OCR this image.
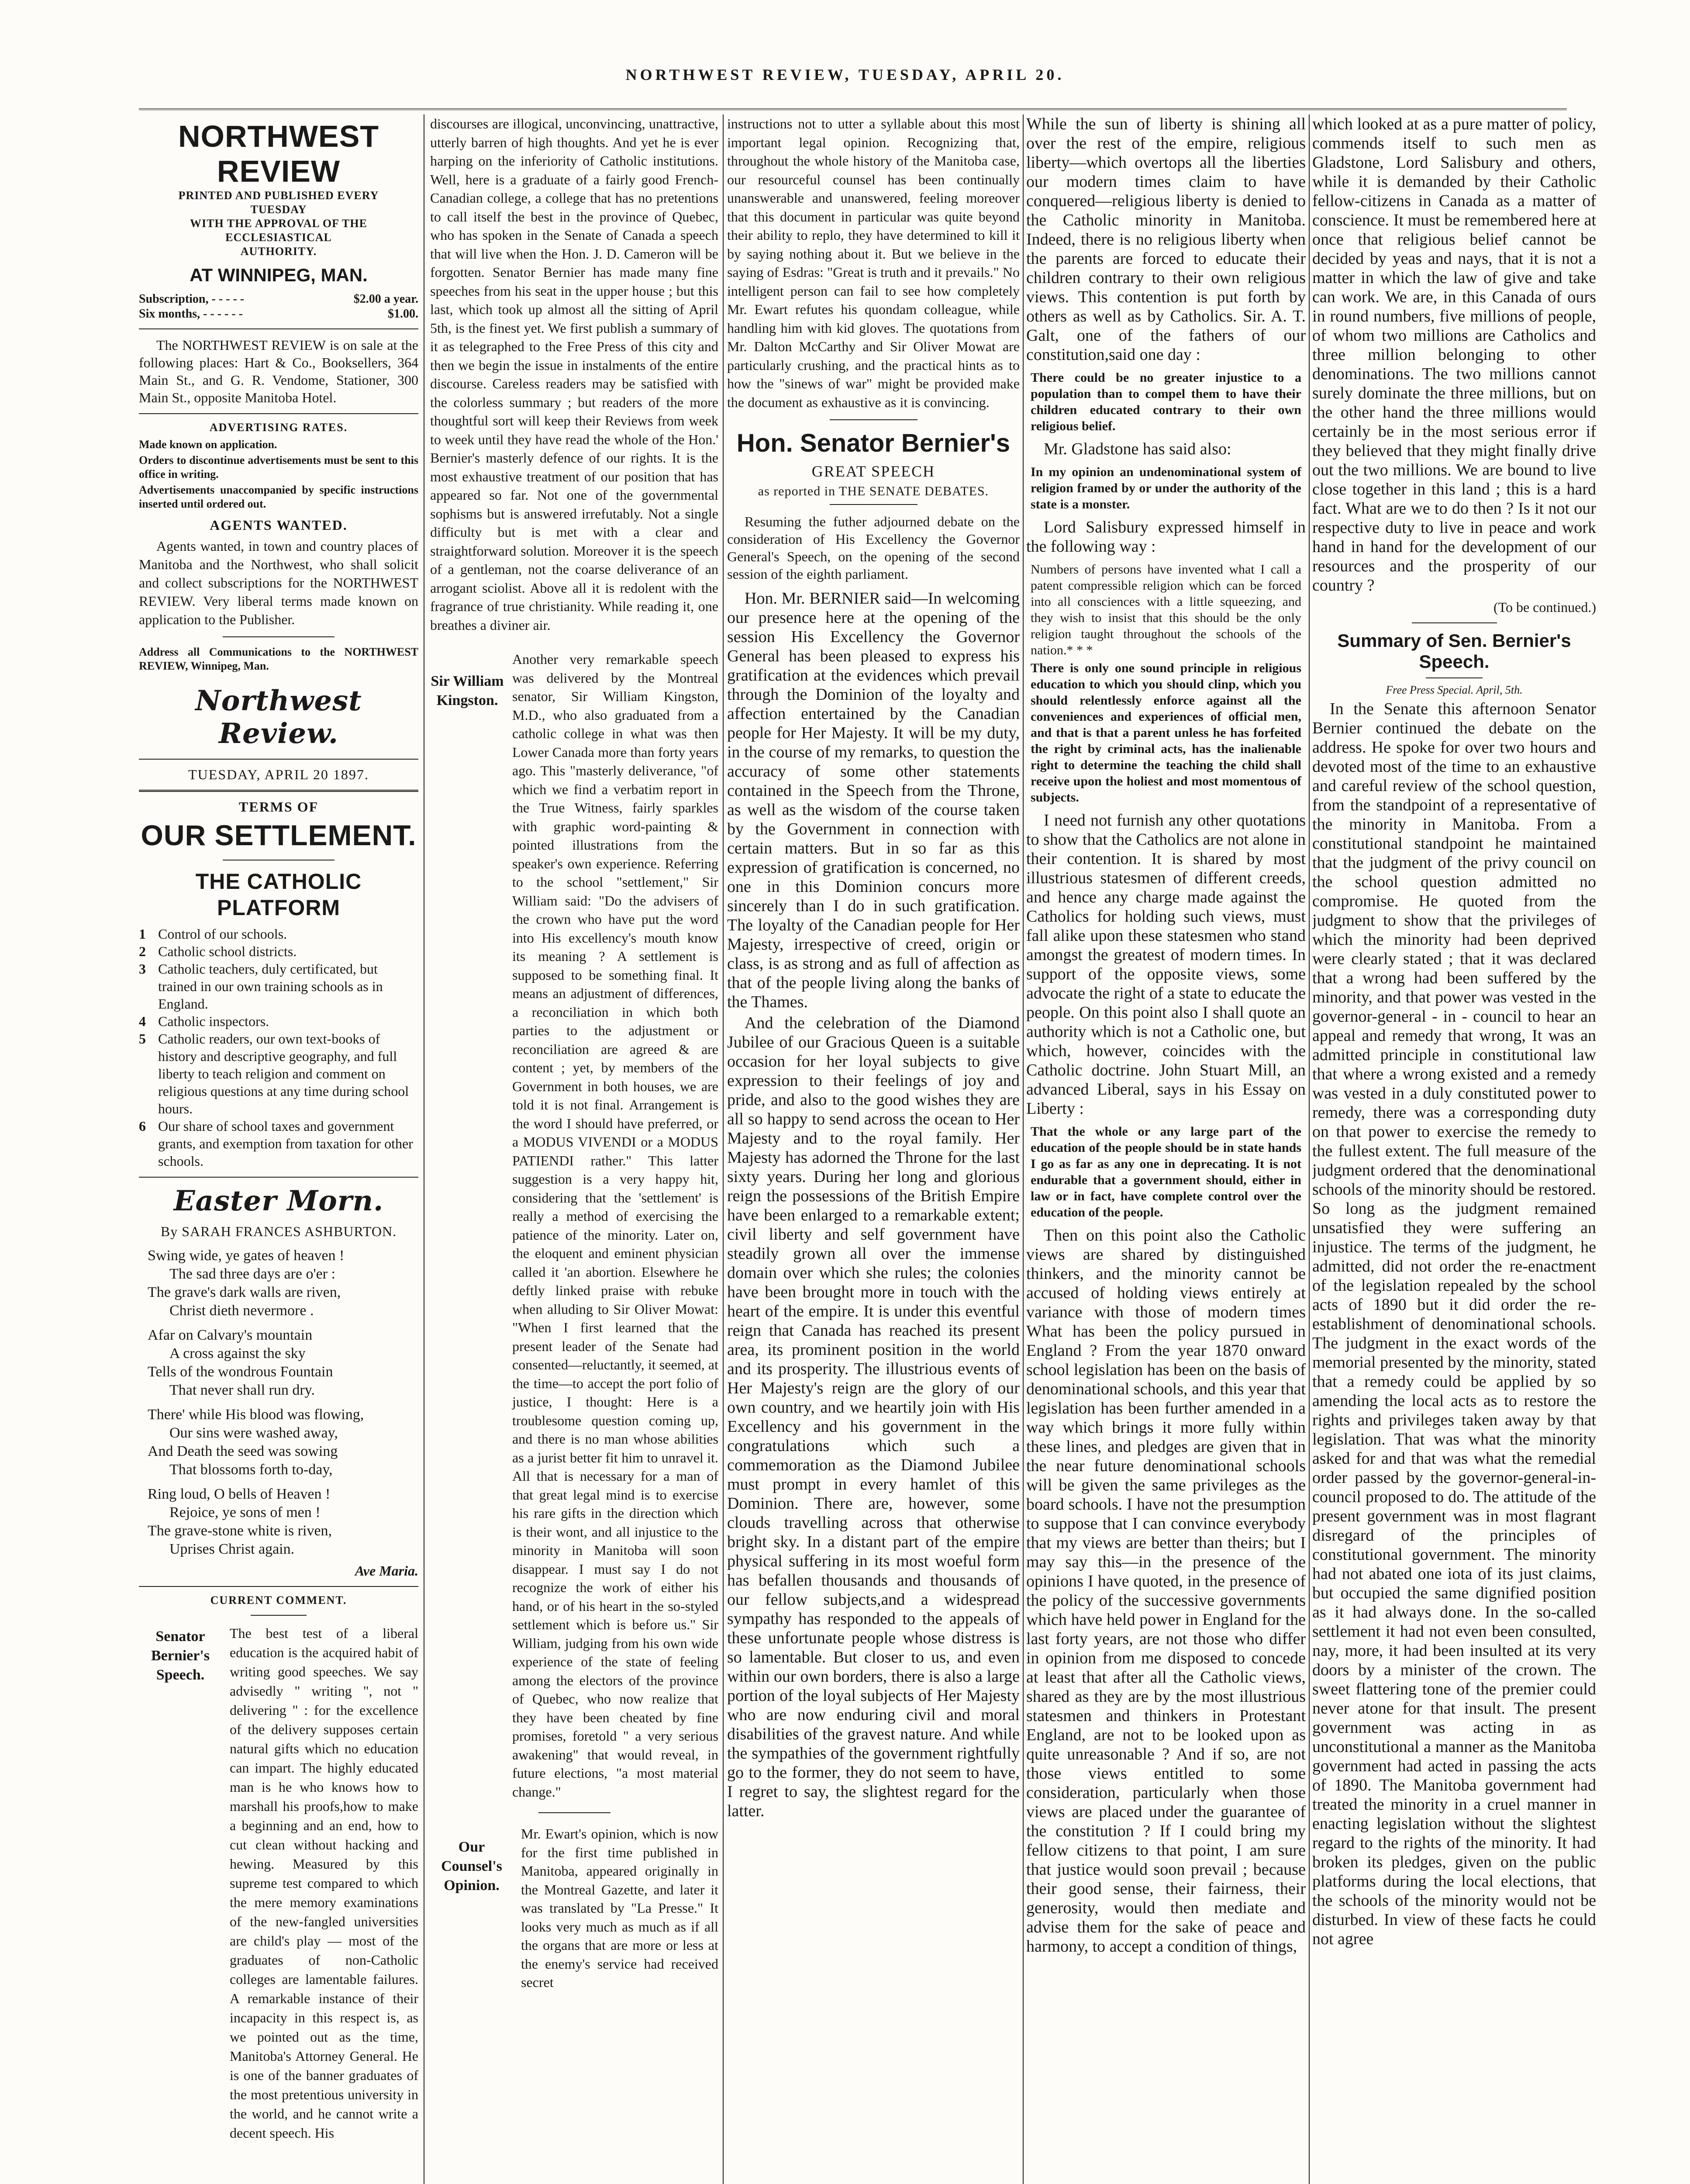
NORTHWEST REVIEW, TUESDAY, APRIL 20.
NORTHWEST REVIEW
PRINTED AND PUBLISHED EVERY
TUESDAY
WITH THE APPROVAL OF THE ECCLESIASTICAL
AUTHORITY.
AT WINNIPEG, MAN.
Subscription, - - - - -	$2.00 a year.
Six months, - - - - - -	$1.00.

The NORTHWEST REVIEW is on sale at the following places: Hart & Co., Booksellers, 364 Main St., and G. R. Vendome, Stationer, 300 Main St., opposite Manitoba Hotel.

ADVERTISING RATES.

Made known on application.

Orders to discontinue advertisements must be sent to this office in writing.

Advertisements unaccompanied by specific instructions inserted until ordered out.

AGENTS WANTED.

Agents wanted, in town and country places of Manitoba and the Northwest, who shall solicit and collect subscriptions for the NORTHWEST REVIEW. Very liberal terms made known on application to the Publisher.

Address all Communications to the NORTHWEST REVIEW, Winnipeg, Man.

Northwest Review.
TUESDAY, APRIL 20 1897.
TERMS OF
OUR SETTLEMENT.
THE CATHOLIC PLATFORM
1 Control of our schools.
2 Catholic school districts.
3 Catholic teachers, duly certificated, but trained in our own training schools as in England.
4 Catholic inspectors.
5 Catholic readers, our own text-books of history and descriptive geography, and full liberty to teach religion and comment on religious questions at any time during school hours.
6 Our share of school taxes and government grants, and exemption from taxation for other schools.
Easter Morn.
By SARAH FRANCES ASHBURTON.
Swing wide, ye gates of heaven !
The sad three days are o'er :
The grave's dark walls are riven,
Christ dieth nevermore .
Afar on Calvary's mountain
A cross against the sky
Tells of the wondrous Fountain
That never shall run dry.
There' while His blood was flowing,
Our sins were washed away,
And Death the seed was sowing
That blossoms forth to-day,
Ring loud, O bells of Heaven !
Rejoice, ye sons of men !
The grave-stone white is riven,
Uprises Christ again.
Ave Maria.
CURRENT COMMENT.
Senator Bernier's Speech.

The best test of a liberal education is the acquired habit of writing good speeches. We say advisedly " writing ", not " delivering " : for the excellence of the delivery supposes certain natural gifts which no education can impart. The highly educated man is he who knows how to marshall his proofs,how to make a beginning and an end, how to cut clean without hacking and hewing. Measured by this supreme test compared to which the mere memory examinations of the new-fangled universities are child's play — most of the graduates of non-Catholic colleges are lamentable failures. A remarkable instance of their incapacity in this respect is, as we pointed out as the time, Manitoba's Attorney General. He is one of the banner graduates of the most pretentious university in the world, and he cannot write a decent speech. His

discourses are illogical, unconvincing, unattractive, utterly barren of high thoughts. And yet he is ever harping on the inferiority of Catholic institutions. Well, here is a graduate of a fairly good French-Canadian college, a college that has no pretentions to call itself the best in the province of Quebec, who has spoken in the Senate of Canada a speech that will live when the Hon. J. D. Cameron will be forgotten. Senator Bernier has made many fine speeches from his seat in the upper house ; but this last, which took up almost all the sitting of April 5th, is the finest yet. We first publish a summary of it as telegraphed to the Free Press of this city and then we begin the issue in instalments of the entire discourse. Careless readers may be satisfied with the colorless summary ; but readers of the more thoughtful sort will keep their Reviews from week to week until they have read the whole of the Hon.' Bernier's masterly defence of our rights. It is the most exhaustive treatment of our position that has appeared so far. Not one of the governmental sophisms but is answered irrefutably. Not a single difficulty but is met with a clear and straightforward solution. Moreover it is the speech of a gentleman, not the coarse deliverance of an arrogant sciolist. Above all it is redolent with the fragrance of true christianity. While reading it, one breathes a diviner air.

Sir William Kingston.

Another very remarkable speech was delivered by the Montreal senator, Sir William Kingston, M.D., who also graduated from a catholic college in what was then Lower Canada more than forty years ago. This "masterly deliverance, "of which we find a verbatim report in the True Witness, fairly sparkles with graphic word-painting & pointed illustrations from the speaker's own experience. Referring to the school "settlement," Sir William said: "Do the advisers of the crown who have put the word into His excellency's mouth know its meaning ? A settlement is supposed to be something final. It means an adjustment of differences, a reconciliation in which both parties to the adjustment or reconciliation are agreed & are content ; yet, by members of the Government in both houses, we are told it is not final. Arrangement is the word I should have preferred, or a MODUS VIVENDI or a MODUS PATIENDI rather." This latter suggestion is a very happy hit, considering that the 'settlement' is really a method of exercising the patience of the minority. Later on, the eloquent and eminent physician called it 'an abortion. Elsewhere he deftly linked praise with rebuke when alluding to Sir Oliver Mowat: "When I first learned that the present leader of the Senate had consented—reluctantly, it seemed, at the time—to accept the port folio of justice, I thought: Here is a troublesome question coming up, and there is no man whose abilities as a jurist better fit him to unravel it. All that is necessary for a man of that great legal mind is to exercise his rare gifts in the direction which is their wont, and all injustice to the minority in Manitoba will soon disappear. I must say I do not recognize the work of either his hand, or of his heart in the so-styled settlement which is before us." Sir William, judging from his own wide experience of the state of feeling among the electors of the province of Quebec, who now realize that they have been cheated by fine promises, foretold " a very serious awakening" that would reveal, in future elections, "a most material change."

Our Counsel's Opinion.

Mr. Ewart's opinion, which is now for the first time published in Manitoba, appeared originally in the Montreal Gazette, and later it was translated by "La Presse." It looks very much as much as if all the organs that are more or less at the enemy's service had received secret

instructions not to utter a syllable about this most important legal opinion. Recognizing that, throughout the whole history of the Manitoba case, our resourceful counsel has been continually unanswerable and unanswered, feeling moreover that this document in particular was quite beyond their ability to replo, they have determined to kill it by saying nothing about it. But we believe in the saying of Esdras: "Great is truth and it prevails." No intelligent person can fail to see how completely Mr. Ewart refutes his quondam colleague, while handling him with kid gloves. The quotations from Mr. Dalton McCarthy and Sir Oliver Mowat are particularly crushing, and the practical hints as to how the "sinews of war" might be provided make the document as exhaustive as it is convincing.

Hon. Senator Bernier's
GREAT SPEECH
as reported in THE SENATE DEBATES.

Resuming the futher adjourned debate on the consideration of His Excellency the Governor General's Speech, on the opening of the second session of the eighth parliament.

Hon. Mr. BERNIER said—In welcoming our presence here at the opening of the session His Excellency the Governor General has been pleased to express his gratification at the evidences which prevail through the Dominion of the loyalty and affection entertained by the Canadian people for Her Majesty. It will be my duty, in the course of my remarks, to question the accuracy of some other statements contained in the Speech from the Throne, as well as the wisdom of the course taken by the Government in connection with certain matters. But in so far as this expression of gratification is concerned, no one in this Dominion concurs more sincerely than I do in such gratification. The loyalty of the Canadian people for Her Majesty, irrespective of creed, origin or class, is as strong and as full of affection as that of the people living along the banks of the Thames.

And the celebration of the Diamond Jubilee of our Gracious Queen is a suitable occasion for her loyal subjects to give expression to their feelings of joy and pride, and also to the good wishes they are all so happy to send across the ocean to Her Majesty and to the royal family. Her Majesty has adorned the Throne for the last sixty years. During her long and glorious reign the possessions of the British Empire have been enlarged to a remarkable extent; civil liberty and self government have steadily grown all over the immense domain over which she rules; the colonies have been brought more in touch with the heart of the empire. It is under this eventful reign that Canada has reached its present area, its prominent position in the world and its prosperity. The illustrious events of Her Majesty's reign are the glory of our own country, and we heartily join with His Excellency and his government in the congratulations which such a commemoration as the Diamond Jubilee must prompt in every hamlet of this Dominion. There are, however, some clouds travelling across that otherwise bright sky. In a distant part of the empire physical suffering in its most woeful form has befallen thousands and thousands of our fellow subjects,and a widespread sympathy has responded to the appeals of these unfortunate people whose distress is so lamentable. But closer to us, and even within our own borders, there is also a large portion of the loyal subjects of Her Majesty who are now enduring civil and moral disabilities of the gravest nature. And while the sympathies of the government rightfully go to the former, they do not seem to have, I regret to say, the slightest regard for the latter.

While the sun of liberty is shining all over the rest of the empire, religious liberty—which overtops all the liberties our modern times claim to have conquered—religious liberty is denied to the Catholic minority in Manitoba. Indeed, there is no religious liberty when the parents are forced to educate their children contrary to their own religious views. This contention is put forth by others as well as by Catholics. Sir. A. T. Galt, one of the fathers of our constitution,said one day :

There could be no greater injustice to a population than to compel them to have their children educated contrary to their own religious belief.

Mr. Gladstone has said also:

In my opinion an undenominational system of religion framed by or under the authority of the state is a monster.

Lord Salisbury expressed himself in the following way :

Numbers of persons have invented what I call a patent compressible religion which can be forced into all consciences with a little squeezing, and they wish to insist that this should be the only religion taught throughout the schools of the nation.* * *

There is only one sound principle in religious education to which you should clinp, which you should relentlessly enforce against all the conveniences and experiences of official men, and that is that a parent unless he has forfeited the right by criminal acts, has the inalienable right to determine the teaching the child shall receive upon the holiest and most momentous of subjects.

I need not furnish any other quotations to show that the Catholics are not alone in their contention. It is shared by most illustrious statesmen of different creeds, and hence any charge made against the Catholics for holding such views, must fall alike upon these statesmen who stand amongst the greatest of modern times. In support of the opposite views, some advocate the right of a state to educate the people. On this point also I shall quote an authority which is not a Catholic one, but which, however, coincides with the Catholic doctrine. John Stuart Mill, an advanced Liberal, says in his Essay on Liberty :

That the whole or any large part of the education of the people should be in state hands I go as far as any one in deprecating. It is not endurable that a government should, either in law or in fact, have complete control over the education of the people.

Then on this point also the Catholic views are shared by distinguished thinkers, and the minority cannot be accused of holding views entirely at variance with those of modern times What has been the policy pursued in England ? From the year 1870 onward school legislation has been on the basis of denominational schools, and this year that legislation has been further amended in a way which brings it more fully within these lines, and pledges are given that in the near future denominational schools will be given the same privileges as the board schools. I have not the presumption to suppose that I can convince everybody that my views are better than theirs; but I may say this—in the presence of the opinions I have quoted, in the presence of the policy of the successive governments which have held power in England for the last forty years, are not those who differ in opinion from me disposed to concede at least that after all the Catholic views, shared as they are by the most illustrious statesmen and thinkers in Protestant England, are not to be looked upon as quite unreasonable ? And if so, are not those views entitled to some consideration, particularly when those views are placed under the guarantee of the constitution ? If I could bring my fellow citizens to that point, I am sure that justice would soon prevail ; because their good sense, their fairness, their generosity, would then mediate and advise them for the sake of peace and harmony, to accept a condition of things,

which looked at as a pure matter of policy, commends itself to such men as Gladstone, Lord Salisbury and others, while it is demanded by their Catholic fellow-citizens in Canada as a matter of conscience. It must be remembered here at once that religious belief cannot be decided by yeas and nays, that it is not a matter in which the law of give and take can work. We are, in this Canada of ours in round numbers, five millions of people, of whom two millions are Catholics and three million belonging to other denominations. The two millions cannot surely dominate the three millions, but on the other hand the three millions would certainly be in the most serious error if they believed that they might finally drive out the two millions. We are bound to live close together in this land ; this is a hard fact. What are we to do then ? Is it not our respective duty to live in peace and work hand in hand for the development of our resources and the prosperity of our country ?

(To be continued.)
Summary of Sen. Bernier's Speech.
Free Press Special. April, 5th.

In the Senate this afternoon Senator Bernier continued the debate on the address. He spoke for over two hours and devoted most of the time to an exhaustive and careful review of the school question, from the standpoint of a representative of the minority in Manitoba. From a constitutional standpoint he maintained that the judgment of the privy council on the school question admitted no compromise. He quoted from the judgment to show that the privileges of which the minority had been deprived were clearly stated ; that it was declared that a wrong had been suffered by the minority, and that power was vested in the governor-general - in - council to hear an appeal and remedy that wrong, It was an admitted principle in constitutional law that where a wrong existed and a remedy was vested in a duly constituted power to remedy, there was a corresponding duty on that power to exercise the remedy to the fullest extent. The full measure of the judgment ordered that the denominational schools of the minority should be restored. So long as the judgment remained unsatisfied they were suffering an injustice. The terms of the judgment, he admitted, did not order the re-enactment of the legislation repealed by the school acts of 1890 but it did order the re-establishment of denominational schools. The judgment in the exact words of the memorial presented by the minority, stated that a remedy could be applied by so amending the local acts as to restore the rights and privileges taken away by that legislation. That was what the minority asked for and that was what the remedial order passed by the governor-general-in-council proposed to do. The attitude of the present government was in most flagrant disregard of the principles of constitutional government. The minority had not abated one iota of its just claims, but occupied the same dignified position as it had always done. In the so-called settlement it had not even been consulted, nay, more, it had been insulted at its very doors by a minister of the crown. The sweet flattering tone of the premier could never atone for that insult. The present government was acting in as unconstitutional a manner as the Manitoba government had acted in passing the acts of 1890. The Manitoba government had treated the minority in a cruel manner in enacting legislation without the slightest regard to the rights of the minority. It had broken its pledges, given on the public platforms during the local elections, that the schools of the minority would not be disturbed. In view of these facts he could not agree
